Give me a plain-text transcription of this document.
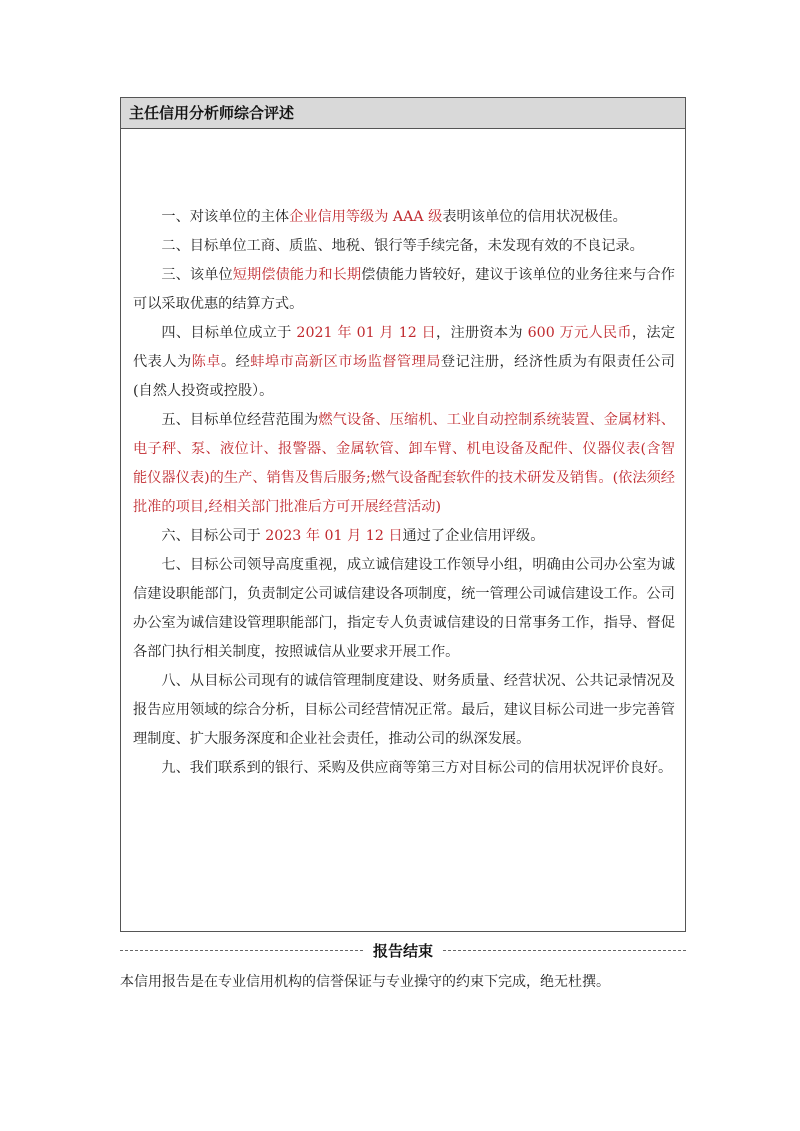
主任信用分析师综合评述

一、对该单位的主体企业信用等级为 AAA 级表明该单位的信用状况极佳。

二、目标单位工商、质监、地税、银行等手续完备，未发现有效的不良记录。

三、该单位短期偿债能力和长期偿债能力皆较好，建议于该单位的业务往来与合作可以采取优惠的结算方式。

四、目标单位成立于 2021 年 01 月 12 日，注册资本为 600 万元人民币，法定代表人为陈卓。经蚌埠市高新区市场监督管理局登记注册，经济性质为有限责任公司(自然人投资或控股）。

五、目标单位经营范围为燃气设备、压缩机、工业自动控制系统装置、金属材料、电子秤、泵、液位计、报警器、金属软管、卸车臂、机电设备及配件、仪器仪表(含智能仪器仪表)的生产、销售及售后服务;燃气设备配套软件的技术研发及销售。(依法须经批准的项目,经相关部门批准后方可开展经营活动)

六、目标公司于 2023 年 01 月 12 日通过了企业信用评级。

七、目标公司领导高度重视，成立诚信建设工作领导小组，明确由公司办公室为诚信建设职能部门，负责制定公司诚信建设各项制度，统一管理公司诚信建设工作。公司办公室为诚信建设管理职能部门，指定专人负责诚信建设的日常事务工作，指导、督促各部门执行相关制度，按照诚信从业要求开展工作。

八、从目标公司现有的诚信管理制度建设、财务质量、经营状况、公共记录情况及报告应用领域的综合分析，目标公司经营情况正常。最后，建议目标公司进一步完善管理制度、扩大服务深度和企业社会责任，推动公司的纵深发展。

九、我们联系到的银行、采购及供应商等第三方对目标公司的信用状况评价良好。

报告结束
本信用报告是在专业信用机构的信誉保证与专业操守的约束下完成，绝无杜撰。
